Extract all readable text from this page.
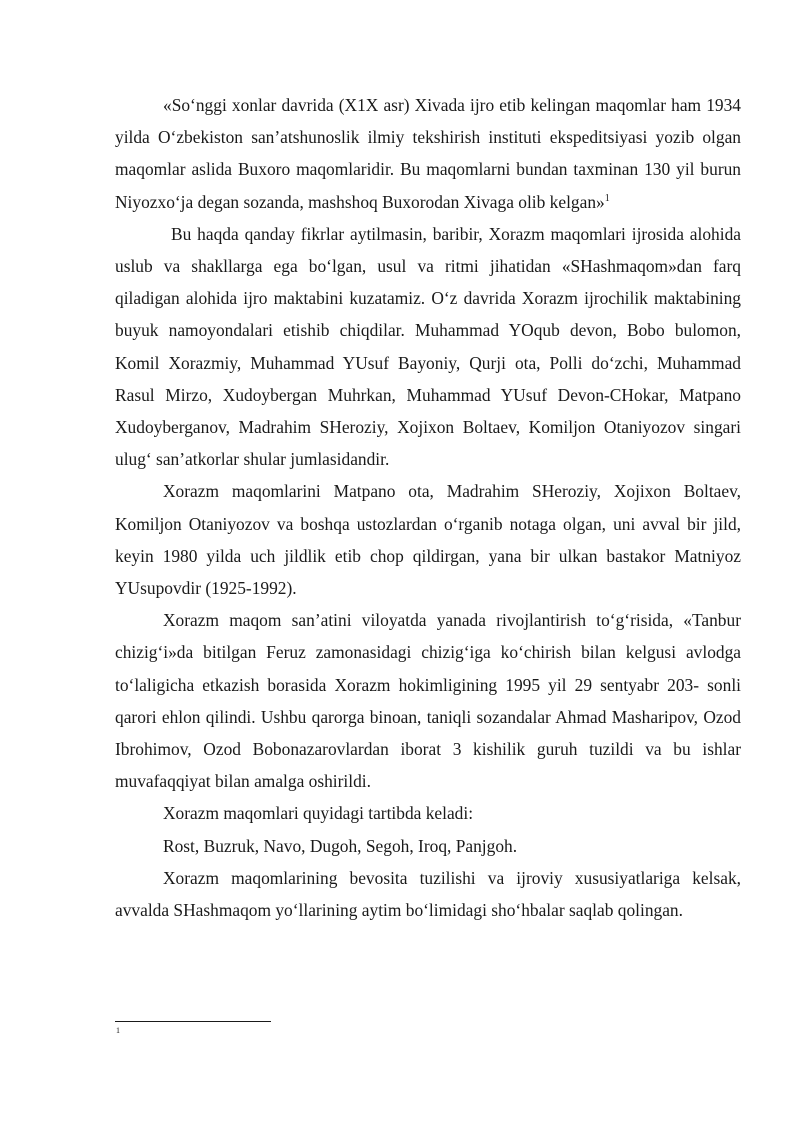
«So‘nggi xonlar davrida (X1X asr) Xivada ijro etib kelingan maqomlar ham 1934 yilda O‘zbekiston san’atshunoslik ilmiy tekshirish instituti ekspeditsiyasi yozib olgan maqomlar aslida Buxoro maqomlaridir. Bu maqomlarni bundan taxminan 130 yil burun Niyozxo‘ja degan sozanda, mashshoq Buxorodan Xivaga olib kelgan»$^1$

Bu haqda qanday fikrlar aytilmasin, baribir, Xorazm maqomlari ijrosida alohida uslub va shakllarga ega bo‘lgan, usul va ritmi jihatidan «SHashmaqom»dan farq qiladigan alohida ijro maktabini kuzatamiz. O‘z davrida Xorazm ijrochilik maktabining buyuk namoyondalari etishib chiqdilar. Muhammad YOqub devon, Bobo bulomon, Komil Xorazmiy, Muhammad YUsuf Bayoniy, Qurji ota, Polli do‘zchi, Muhammad Rasul Mirzo, Xudoybergan Muhrkan, Muhammad YUsuf Devon-CHokar, Matpano Xudoyberganov, Madrahim SHeroziy, Xojixon Boltaev, Komiljon Otaniyozov singari ulug‘ san’atkorlar shular jumlasidandir.

Xorazm maqomlarini Matpano ota, Madrahim SHeroziy, Xojixon Boltaev, Komiljon Otaniyozov va boshqa ustozlardan o‘rganib notaga olgan, uni avval bir jild, keyin 1980 yilda uch jildlik etib chop qildirgan, yana bir ulkan bastakor Matniyoz YUsupovdir (1925-1992).

Xorazm maqom san’atini viloyatda yanada rivojlantirish to‘g‘risida, «Tanbur chizig‘i»da bitilgan Feruz zamonasidagi chizig‘iga ko‘chirish bilan kelgusi avlodga to‘laligicha etkazish borasida Xorazm hokimligining 1995 yil 29 sentyabr 203- sonli qarori ehlon qilindi. Ushbu qarorga binoan, taniqli sozandalar Ahmad Masharipov, Ozod Ibrohimov, Ozod Bobonazarovlardan iborat 3 kishilik guruh tuzildi va bu ishlar muvafaqqiyat bilan amalga oshirildi.

Xorazm maqomlari quyidagi tartibda keladi:

Rost, Buzruk, Navo, Dugoh, Segoh, Iroq, Panjgoh.

Xorazm maqomlarining bevosita tuzilishi va ijroviy xususiyatlariga kelsak, avvalda SHashmaqom yo‘llarining aytim bo‘limidagi sho‘hbalar saqlab qolingan.

1
